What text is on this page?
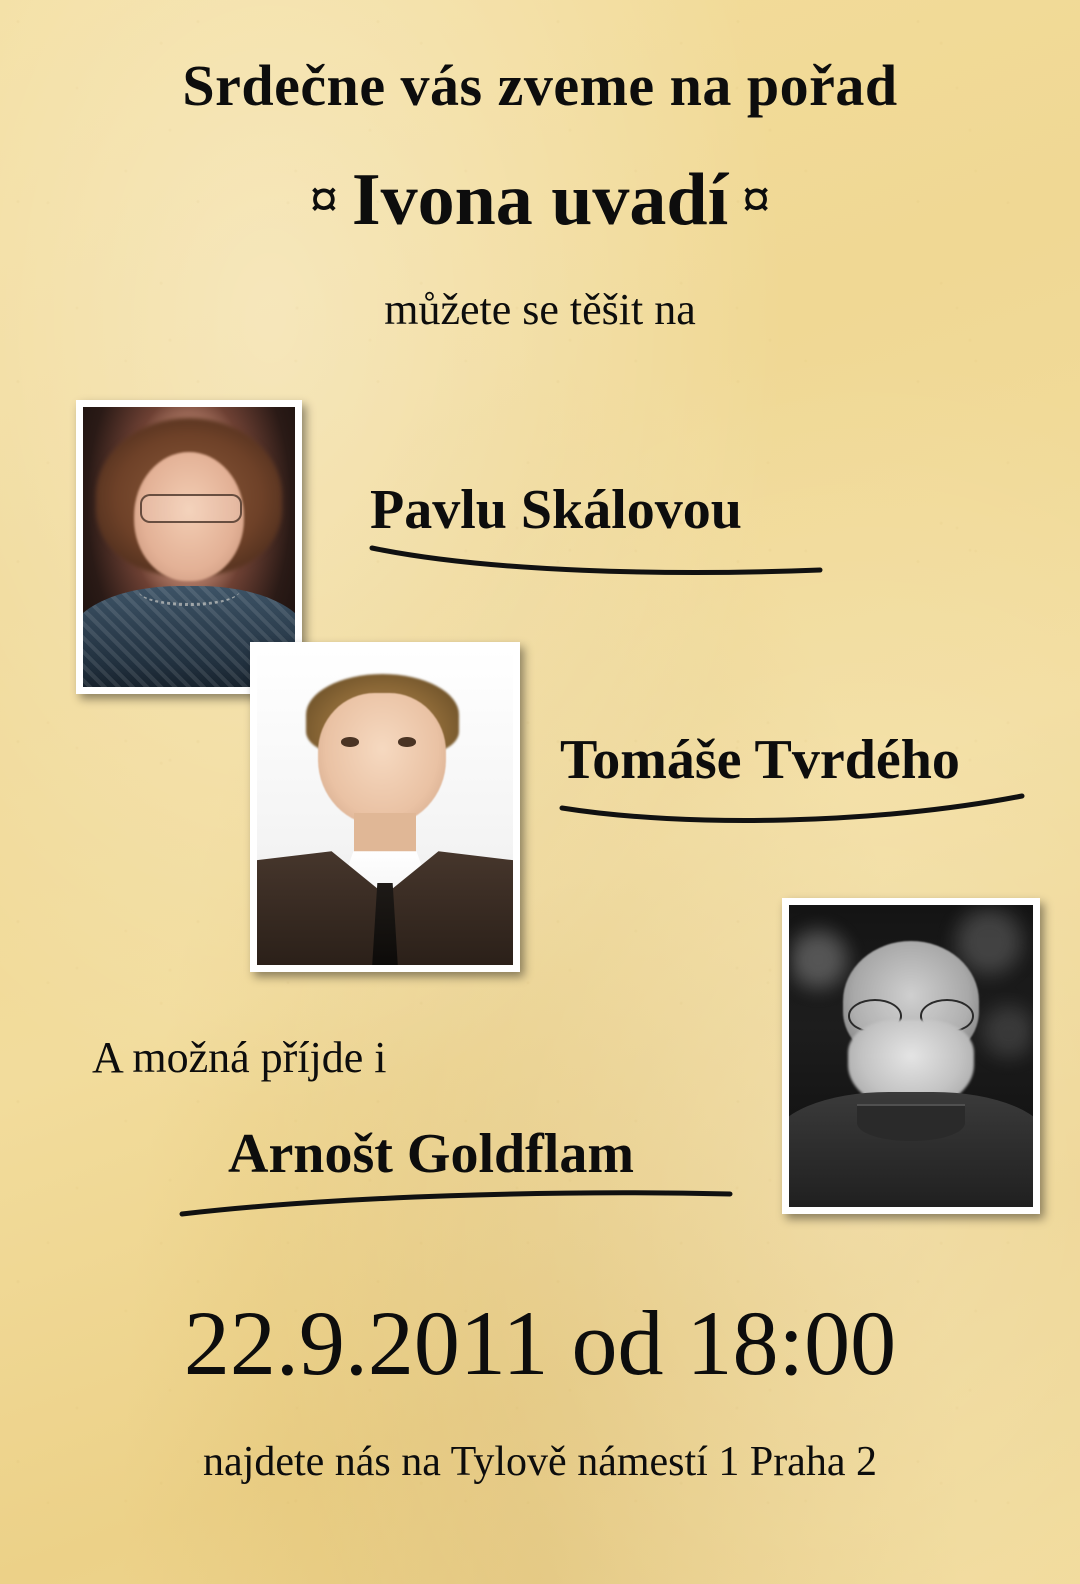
Srdečne vás zveme na pořad
¤ Ivona uvadí ¤
můžete se těšit na
Pavlu Skálovou
Tomáše Tvrdého
A možná příjde i
Arnošt Goldflam
22.9.2011 od 18:00
najdete nás na Tylově námestí 1 Praha 2
